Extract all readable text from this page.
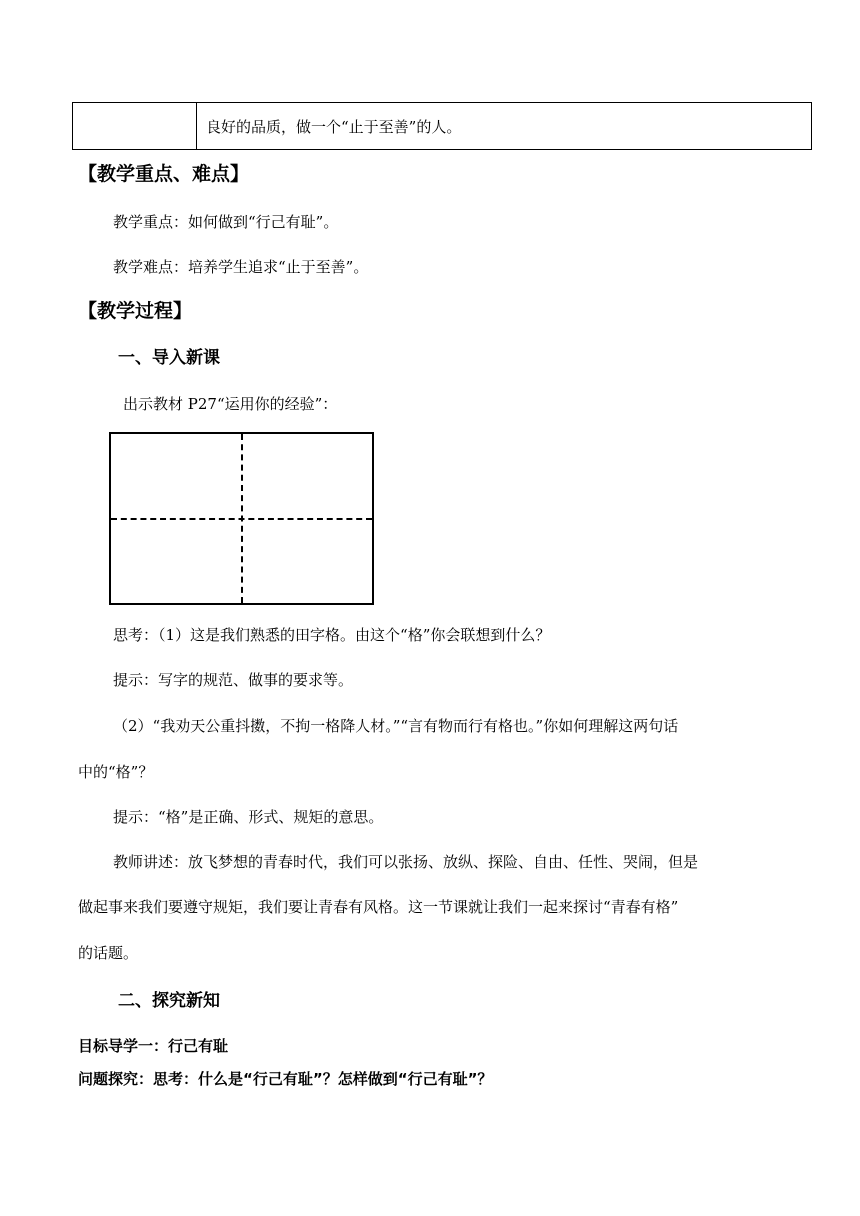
良好的品质，做一个“止于至善”的人。
【教学重点、难点】
教学重点：如何做到“行己有耻”。
教学难点：培养学生追求“止于至善”。
【教学过程】
一、导入新课
出示教材 P27“运用你的经验”：
思考：（1）这是我们熟悉的田字格。由这个“格”你会联想到什么？
提示：写字的规范、做事的要求等。
（2）“我劝天公重抖擞，不拘一格降人材。”“言有物而行有格也。”你如何理解这两句话
中的“格”？
提示：“格”是正确、形式、规矩的意思。
教师讲述：放飞梦想的青春时代，我们可以张扬、放纵、探险、自由、任性、哭闹，但是
做起事来我们要遵守规矩，我们要让青春有风格。这一节课就让我们一起来探讨“青春有格”
的话题。
二、探究新知
目标导学一：行己有耻
问题探究：思考：什么是“行己有耻”？怎样做到“行己有耻”？
